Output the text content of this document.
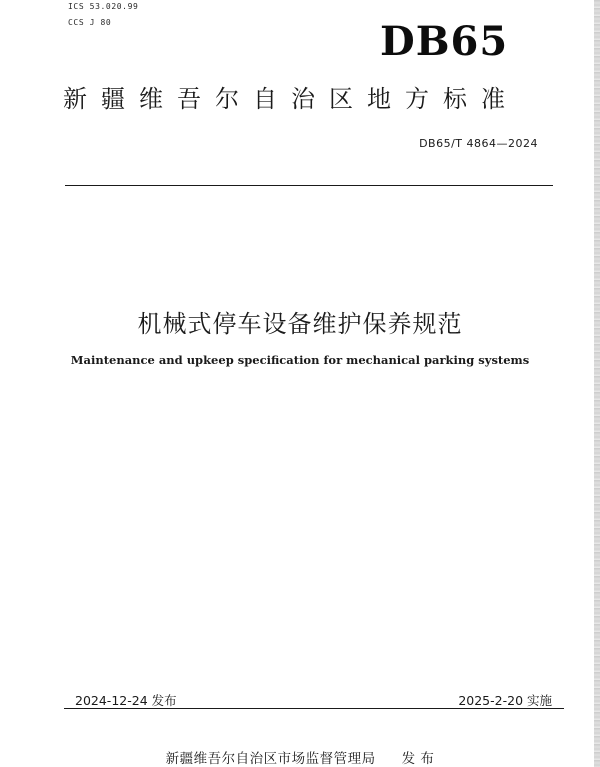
ICS 53.020.99
CCS J 80	DB65
新疆维吾尔自治区地方标准
DB65/T 4864—2024
机械式停车设备维护保养规范
Maintenance and upkeep specification for mechanical parking systems
2024-12-24 发布	2025-2-20 实施
新疆维吾尔自治区市场监督管理局 发 布
